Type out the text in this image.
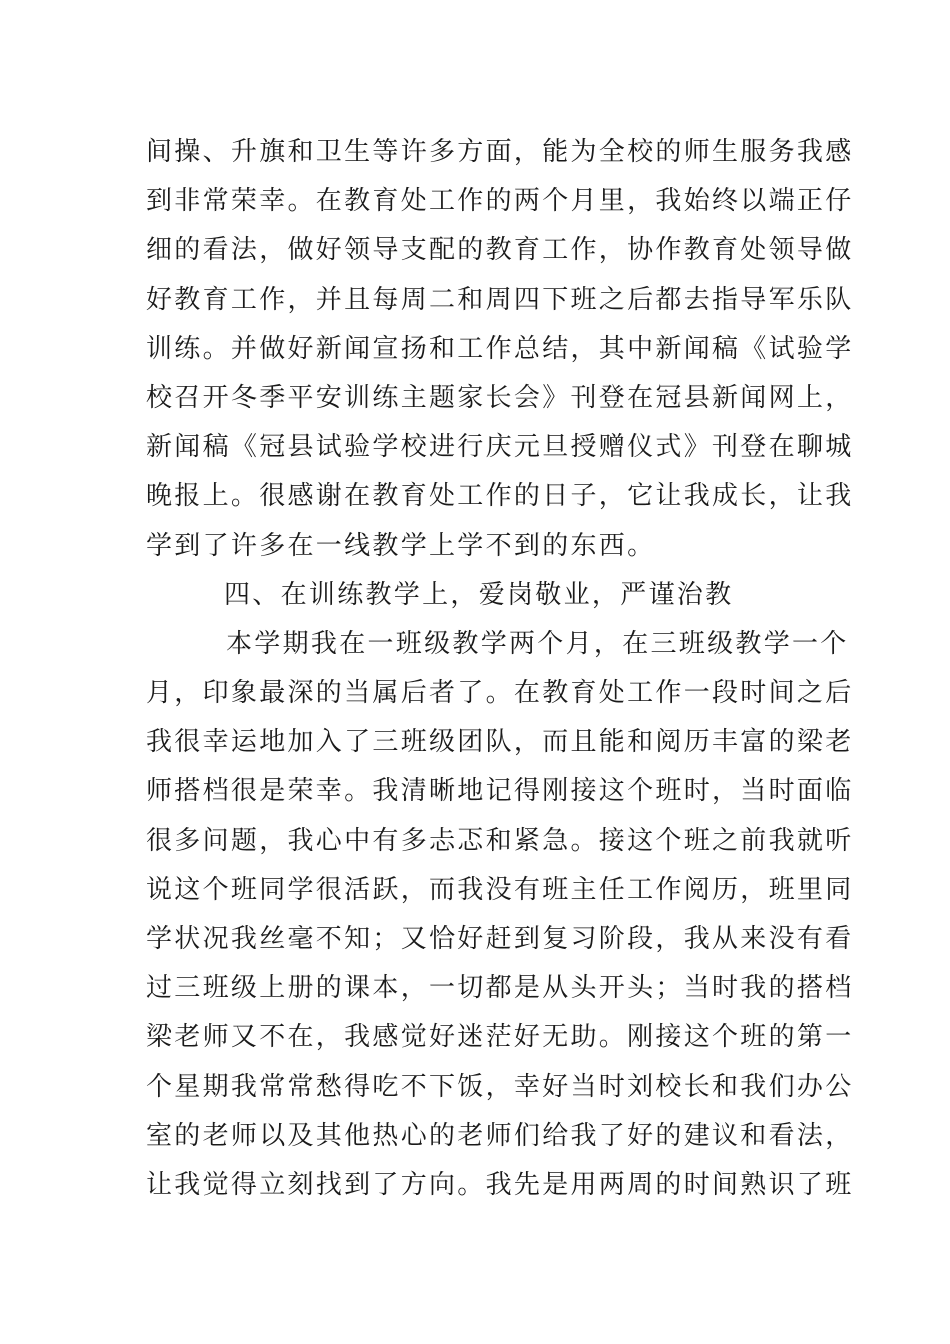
间操、升旗和卫生等许多方面，能为全校的师生服务我感
到非常荣幸。在教育处工作的两个月里，我始终以端正仔
细的看法，做好领导支配的教育工作，协作教育处领导做
好教育工作，并且每周二和周四下班之后都去指导军乐队
训练。并做好新闻宣扬和工作总结，其中新闻稿《试验学
校召开冬季平安训练主题家长会》刊登在冠县新闻网上，
新闻稿《冠县试验学校进行庆元旦授赠仪式》刊登在聊城
晚报上。很感谢在教育处工作的日子，它让我成长，让我
学到了许多在一线教学上学不到的东西。
四、在训练教学上，爱岗敬业，严谨治教
本学期我在一班级教学两个月，在三班级教学一个
月，印象最深的当属后者了。在教育处工作一段时间之后
我很幸运地加入了三班级团队，而且能和阅历丰富的梁老
师搭档很是荣幸。我清晰地记得刚接这个班时，当时面临
很多问题，我心中有多忐忑和紧急。接这个班之前我就听
说这个班同学很活跃，而我没有班主任工作阅历，班里同
学状况我丝毫不知；又恰好赶到复习阶段，我从来没有看
过三班级上册的课本，一切都是从头开头；当时我的搭档
梁老师又不在，我感觉好迷茫好无助。刚接这个班的第一
个星期我常常愁得吃不下饭，幸好当时刘校长和我们办公
室的老师以及其他热心的老师们给我了好的建议和看法，
让我觉得立刻找到了方向。我先是用两周的时间熟识了班
